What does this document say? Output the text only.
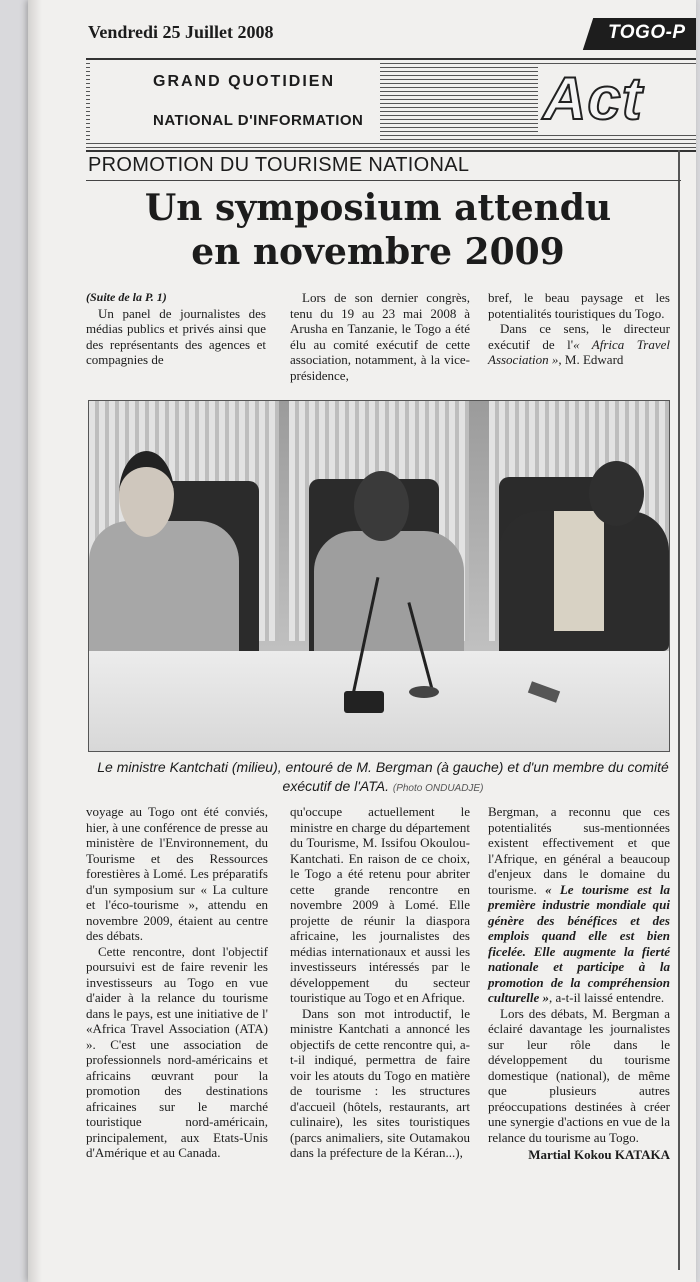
Vendredi 25 Juillet 2008	TOGO-P
GRAND QUOTIDIEN
NATIONAL D'INFORMATION	Act
PROMOTION DU TOURISME NATIONAL
Un symposium attendu
en novembre 2009
(Suite de la P. 1)

Un panel de journalistes des médias publics et privés ainsi que des représentants des agences et compagnies de

Lors de son dernier congrès, tenu du 19 au 23 mai 2008 à Arusha en Tanzanie, le Togo a été élu au comité exécutif de cette association, notamment, à la vice-présidence,

bref, le beau paysage et les potentialités touristiques du Togo.

Dans ce sens, le directeur exécutif de l'« Africa Travel Association », M. Edward

Le ministre Kantchati (milieu), entouré de M. Bergman (à gauche) et d'un membre du comité exécutif de l'ATA. (Photo ONDUADJE)

voyage au Togo ont été conviés, hier, à une conférence de presse au ministère de l'Environnement, du Tourisme et des Ressources forestières à Lomé. Les préparatifs d'un symposium sur « La culture et l'éco-tourisme », attendu en novembre 2009, étaient au centre des débats.

Cette rencontre, dont l'objectif poursuivi est de faire revenir les investisseurs au Togo en vue d'aider à la relance du tourisme dans le pays, est une initiative de l' «Africa Travel Association (ATA) ». C'est une association de professionnels nord-américains et africains œuvrant pour la promotion des destinations africaines sur le marché touristique nord-américain, principalement, aux Etats-Unis d'Amérique et au Canada.

qu'occupe actuellement le ministre en charge du département du Tourisme, M. Issifou Okoulou-Kantchati. En raison de ce choix, le Togo a été retenu pour abriter cette grande rencontre en novembre 2009 à Lomé. Elle projette de réunir la diaspora africaine, les journalistes des médias internationaux et aussi les investisseurs intéressés par le développement du secteur touristique au Togo et en Afrique.

Dans son mot introductif, le ministre Kantchati a annoncé les objectifs de cette rencontre qui, a-t-il indiqué, permettra de faire voir les atouts du Togo en matière de tourisme : les structures d'accueil (hôtels, restaurants, art culinaire), les sites touristiques (parcs animaliers, site Outamakou dans la préfecture de la Kéran...),

Bergman, a reconnu que ces potentialités sus-mentionnées existent effectivement et que l'Afrique, en général a beaucoup d'enjeux dans le domaine du tourisme. « Le tourisme est la première industrie mondiale qui génère des bénéfices et des emplois quand elle est bien ficelée. Elle augmente la fierté nationale et participe à la promotion de la compréhension culturelle », a-t-il laissé entendre.

Lors des débats, M. Bergman a éclairé davantage les journalistes sur leur rôle dans le développement du tourisme domestique (national), de même que plusieurs autres préoccupations destinées à créer une synergie d'actions en vue de la relance du tourisme au Togo.

Martial Kokou KATAKA
